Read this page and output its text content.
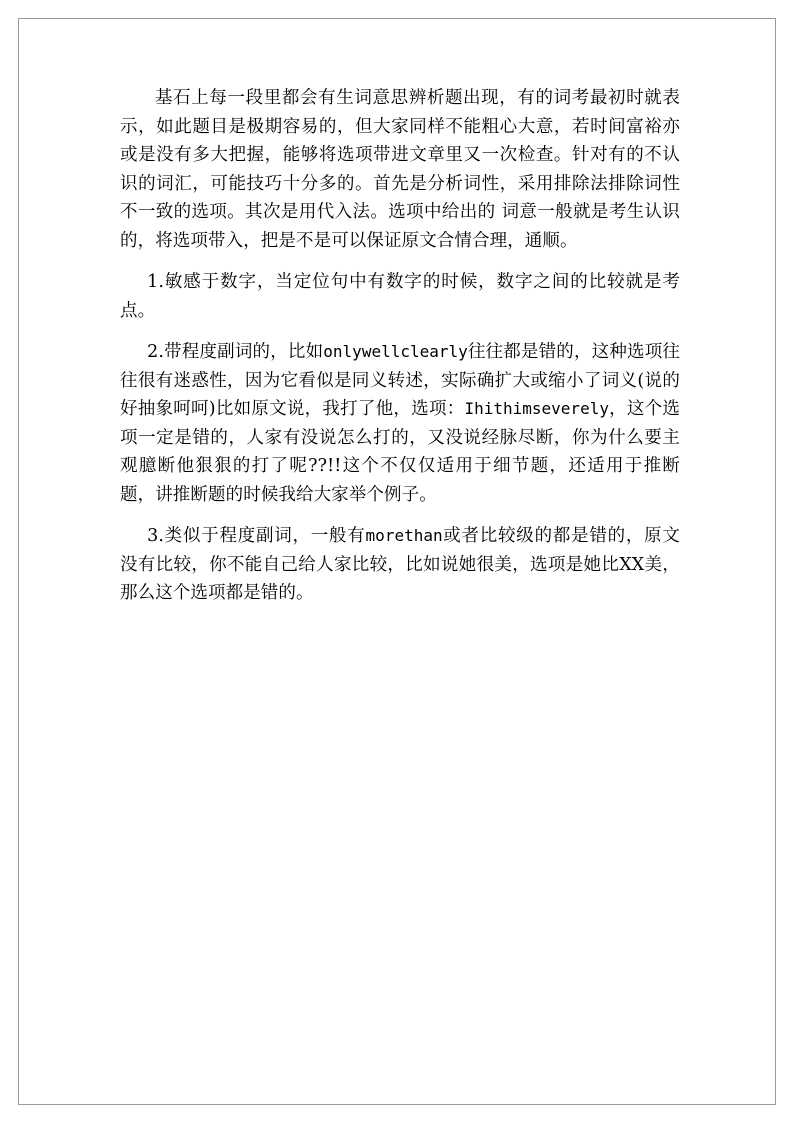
基石上每一段里都会有生词意思辨析题出现，有的词考最初时就表示，如此题目是极期容易的，但大家同样不能粗心大意，若时间富裕亦或是没有多大把握，能够将选项带进文章里又一次检查。针对有的不认识的词汇，可能技巧十分多的。首先是分析词性，采用排除法排除词性不一致的选项。其次是用代入法。选项中给出的 词意一般就是考生认识的，将选项带入，把是不是可以保证原文合情合理，通顺。

1.敏感于数字，当定位句中有数字的时候，数字之间的比较就是考点。

2.带程度副词的，比如onlywellclearly往往都是错的，这种选项往往很有迷惑性，因为它看似是同义转述，实际确扩大或缩小了词义(说的好抽象呵呵)比如原文说，我打了他，选项：Ihithimseverely，这个选项一定是错的，人家有没说怎么打的，又没说经脉尽断，你为什么要主观臆断他狠狠的打了呢??!!这个不仅仅适用于细节题，还适用于推断题，讲推断题的时候我给大家举个例子。

3.类似于程度副词，一般有morethan或者比较级的都是错的，原文没有比较，你不能自己给人家比较，比如说她很美，选项是她比XX美，那么这个选项都是错的。
